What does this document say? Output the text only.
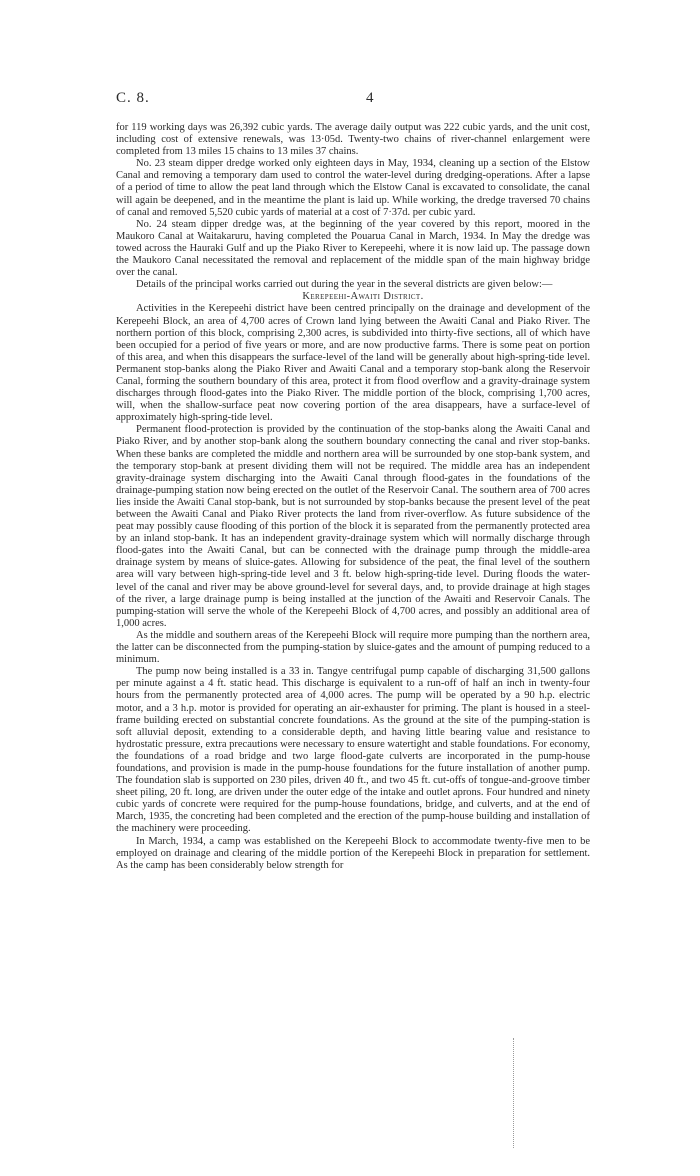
C. 8.	4

for 119 working days was 26,392 cubic yards. The average daily output was 222 cubic yards, and the unit cost, including cost of extensive renewals, was 13·05d. Twenty-two chains of river-channel enlargement were completed from 13 miles 15 chains to 13 miles 37 chains.

No. 23 steam dipper dredge worked only eighteen days in May, 1934, cleaning up a section of the Elstow Canal and removing a temporary dam used to control the water-level during dredging-operations. After a lapse of a period of time to allow the peat land through which the Elstow Canal is excavated to consolidate, the canal will again be deepened, and in the meantime the plant is laid up. While working, the dredge traversed 70 chains of canal and removed 5,520 cubic yards of material at a cost of 7·37d. per cubic yard.

No. 24 steam dipper dredge was, at the beginning of the year covered by this report, moored in the Maukoro Canal at Waitakaruru, having completed the Pouarua Canal in March, 1934. In May the dredge was towed across the Hauraki Gulf and up the Piako River to Kerepeehi, where it is now laid up. The passage down the Maukoro Canal necessitated the removal and replacement of the middle span of the main highway bridge over the canal.

Details of the principal works carried out during the year in the several districts are given below:—

Kerepeehi-Awaiti District.

Activities in the Kerepeehi district have been centred principally on the drainage and development of the Kerepeehi Block, an area of 4,700 acres of Crown land lying between the Awaiti Canal and Piako River. The northern portion of this block, comprising 2,300 acres, is subdivided into thirty-five sections, all of which have been occupied for a period of five years or more, and are now productive farms. There is some peat on portion of this area, and when this disappears the surface-level of the land will be generally about high-spring-tide level. Permanent stop-banks along the Piako River and Awaiti Canal and a temporary stop-bank along the Reservoir Canal, forming the southern boundary of this area, protect it from flood overflow and a gravity-drainage system discharges through flood-gates into the Piako River. The middle portion of the block, comprising 1,700 acres, will, when the shallow-surface peat now covering portion of the area disappears, have a surface-level of approximately high-spring-tide level.

Permanent flood-protection is provided by the continuation of the stop-banks along the Awaiti Canal and Piako River, and by another stop-bank along the southern boundary connecting the canal and river stop-banks. When these banks are completed the middle and northern area will be surrounded by one stop-bank system, and the temporary stop-bank at present dividing them will not be required. The middle area has an independent gravity-drainage system discharging into the Awaiti Canal through flood-gates in the foundations of the drainage-pumping station now being erected on the outlet of the Reservoir Canal. The southern area of 700 acres lies inside the Awaiti Canal stop-bank, but is not surrounded by stop-banks because the present level of the peat between the Awaiti Canal and Piako River protects the land from river-overflow. As future subsidence of the peat may possibly cause flooding of this portion of the block it is separated from the permanently protected area by an inland stop-bank. It has an independent gravity-drainage system which will normally discharge through flood-gates into the Awaiti Canal, but can be connected with the drainage pump through the middle-area drainage system by means of sluice-gates. Allowing for subsidence of the peat, the final level of the southern area will vary between high-spring-tide level and 3 ft. below high-spring-tide level. During floods the water-level of the canal and river may be above ground-level for several days, and, to provide drainage at high stages of the river, a large drainage pump is being installed at the junction of the Awaiti and Reservoir Canals. The pumping-station will serve the whole of the Kerepeehi Block of 4,700 acres, and possibly an additional area of 1,000 acres.

As the middle and southern areas of the Kerepeehi Block will require more pumping than the northern area, the latter can be disconnected from the pumping-station by sluice-gates and the amount of pumping reduced to a minimum.

The pump now being installed is a 33 in. Tangye centrifugal pump capable of discharging 31,500 gallons per minute against a 4 ft. static head. This discharge is equivalent to a run-off of half an inch in twenty-four hours from the permanently protected area of 4,000 acres. The pump will be operated by a 90 h.p. electric motor, and a 3 h.p. motor is provided for operating an air-exhauster for priming. The plant is housed in a steel-frame building erected on substantial concrete foundations. As the ground at the site of the pumping-station is soft alluvial deposit, extending to a considerable depth, and having little bearing value and resistance to hydrostatic pressure, extra precautions were necessary to ensure watertight and stable foundations. For economy, the foundations of a road bridge and two large flood-gate culverts are incorporated in the pump-house foundations, and provision is made in the pump-house foundations for the future installation of another pump. The foundation slab is supported on 230 piles, driven 40 ft., and two 45 ft. cut-offs of tongue-and-groove timber sheet piling, 20 ft. long, are driven under the outer edge of the intake and outlet aprons. Four hundred and ninety cubic yards of concrete were required for the pump-house foundations, bridge, and culverts, and at the end of March, 1935, the concreting had been completed and the erection of the pump-house building and installation of the machinery were proceeding.

In March, 1934, a camp was established on the Kerepeehi Block to accommodate twenty-five men to be employed on drainage and clearing of the middle portion of the Kerepeehi Block in preparation for settlement. As the camp has been considerably below strength for
